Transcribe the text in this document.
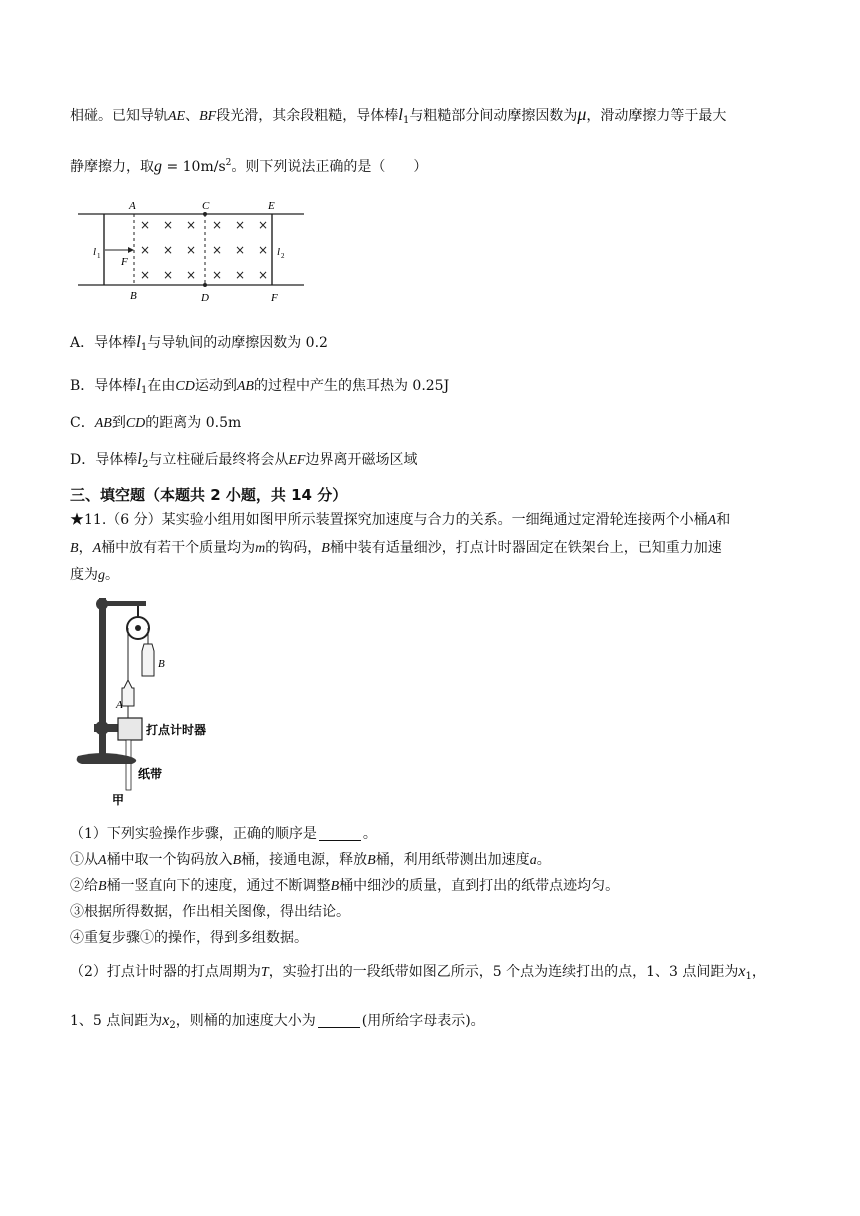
相碰。已知导轨AE、BF段光滑，其余段粗糙，导体棒$l_1$与粗糙部分间动摩擦因数为μ，滑动摩擦力等于最大
静摩擦力，取$g = 10m/s^2$。则下列说法正确的是（　　）
A	C	E
B	D	F
F
l 1	l 2
× × × × × ×
× × × × × ×
× × × × × ×
A．导体棒$l_1$与导轨间的动摩擦因数为 0.2
B．导体棒$l_1$在由CD运动到AB的过程中产生的焦耳热为 0.25J
C．AB到CD的距离为 0.5m
D．导体棒$l_2$与立柱碰后最终将会从EF边界离开磁场区域
三、填空题（本题共 2 小题，共 14 分）
★11.（6 分）某实验小组用如图甲所示装置探究加速度与合力的关系。一细绳通过定滑轮连接两个小桶A和
B，A桶中放有若干个质量均为m的钩码，B桶中装有适量细沙，打点计时器固定在铁架台上，已知重力加速
度为g。
B
A
打点计时器
纸带
甲
（1）下列实验操作步骤，正确的顺序是	。
①从A桶中取一个钩码放入B桶，接通电源，释放B桶，利用纸带测出加速度a。
②给B桶一竖直向下的速度，通过不断调整B桶中细沙的质量，直到打出的纸带点迹均匀。
③根据所得数据，作出相关图像，得出结论。
④重复步骤①的操作，得到多组数据。
（2）打点计时器的打点周期为T，实验打出的一段纸带如图乙所示，5 个点为连续打出的点，1、3 点间距为$x_1$，
1、5 点间距为$x_2$，则桶的加速度大小为	(用所给字母表示)。
